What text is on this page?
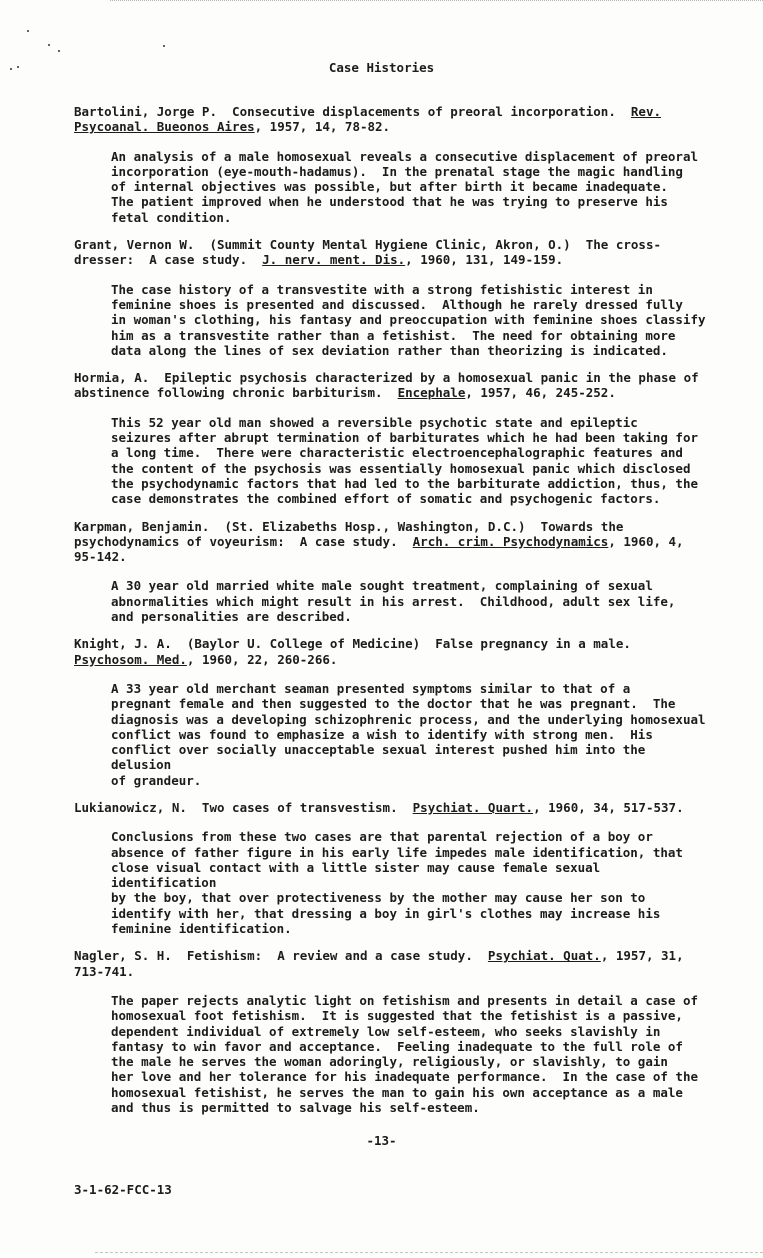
Case Histories
Bartolini, Jorge P.  Consecutive displacements of preoral incorporation.  Rev.
Psycoanal. Bueonos Aires, 1957, 14, 78-82.
An analysis of a male homosexual reveals a consecutive displacement of preoral
incorporation (eye-mouth-hadamus).  In the prenatal stage the magic handling
of internal objectives was possible, but after birth it became inadequate.
The patient improved when he understood that he was trying to preserve his
fetal condition.
Grant, Vernon W.  (Summit County Mental Hygiene Clinic, Akron, O.)  The cross-
dresser:  A case study.  J. nerv. ment. Dis., 1960, 131, 149-159.
The case history of a transvestite with a strong fetishistic interest in
feminine shoes is presented and discussed.  Although he rarely dressed fully
in woman's clothing, his fantasy and preoccupation with feminine shoes classify
him as a transvestite rather than a fetishist.  The need for obtaining more
data along the lines of sex deviation rather than theorizing is indicated.
Hormia, A.  Epileptic psychosis characterized by a homosexual panic in the phase of
abstinence following chronic barbiturism.  Encephale, 1957, 46, 245-252.
This 52 year old man showed a reversible psychotic state and epileptic
seizures after abrupt termination of barbiturates which he had been taking for
a long time.  There were characteristic electroencephalographic features and
the content of the psychosis was essentially homosexual panic which disclosed
the psychodynamic factors that had led to the barbiturate addiction, thus, the
case demonstrates the combined effort of somatic and psychogenic factors.
Karpman, Benjamin.  (St. Elizabeths Hosp., Washington, D.C.)  Towards the
psychodynamics of voyeurism:  A case study.  Arch. crim. Psychodynamics, 1960, 4,
95-142.
A 30 year old married white male sought treatment, complaining of sexual
abnormalities which might result in his arrest.  Childhood, adult sex life,
and personalities are described.
Knight, J. A.  (Baylor U. College of Medicine)  False pregnancy in a male.
Psychosom. Med., 1960, 22, 260-266.
A 33 year old merchant seaman presented symptoms similar to that of a
pregnant female and then suggested to the doctor that he was pregnant.  The
diagnosis was a developing schizophrenic process, and the underlying homosexual
conflict was found to emphasize a wish to identify with strong men.  His
conflict over socially unacceptable sexual interest pushed him into the delusion
of grandeur.
Lukianowicz, N.  Two cases of transvestism.  Psychiat. Quart., 1960, 34, 517-537.
Conclusions from these two cases are that parental rejection of a boy or
absence of father figure in his early life impedes male identification, that
close visual contact with a little sister may cause female sexual identification
by the boy, that over protectiveness by the mother may cause her son to
identify with her, that dressing a boy in girl's clothes may increase his
feminine identification.
Nagler, S. H.  Fetishism:  A review and a case study.  Psychiat. Quat., 1957, 31,
713-741.
The paper rejects analytic light on fetishism and presents in detail a case of
homosexual foot fetishism.  It is suggested that the fetishist is a passive,
dependent individual of extremely low self-esteem, who seeks slavishly in
fantasy to win favor and acceptance.  Feeling inadequate to the full role of
the male he serves the woman adoringly, religiously, or slavishly, to gain
her love and her tolerance for his inadequate performance.  In the case of the
homosexual fetishist, he serves the man to gain his own acceptance as a male
and thus is permitted to salvage his self-esteem.
-13-
3-1-62-FCC-13
